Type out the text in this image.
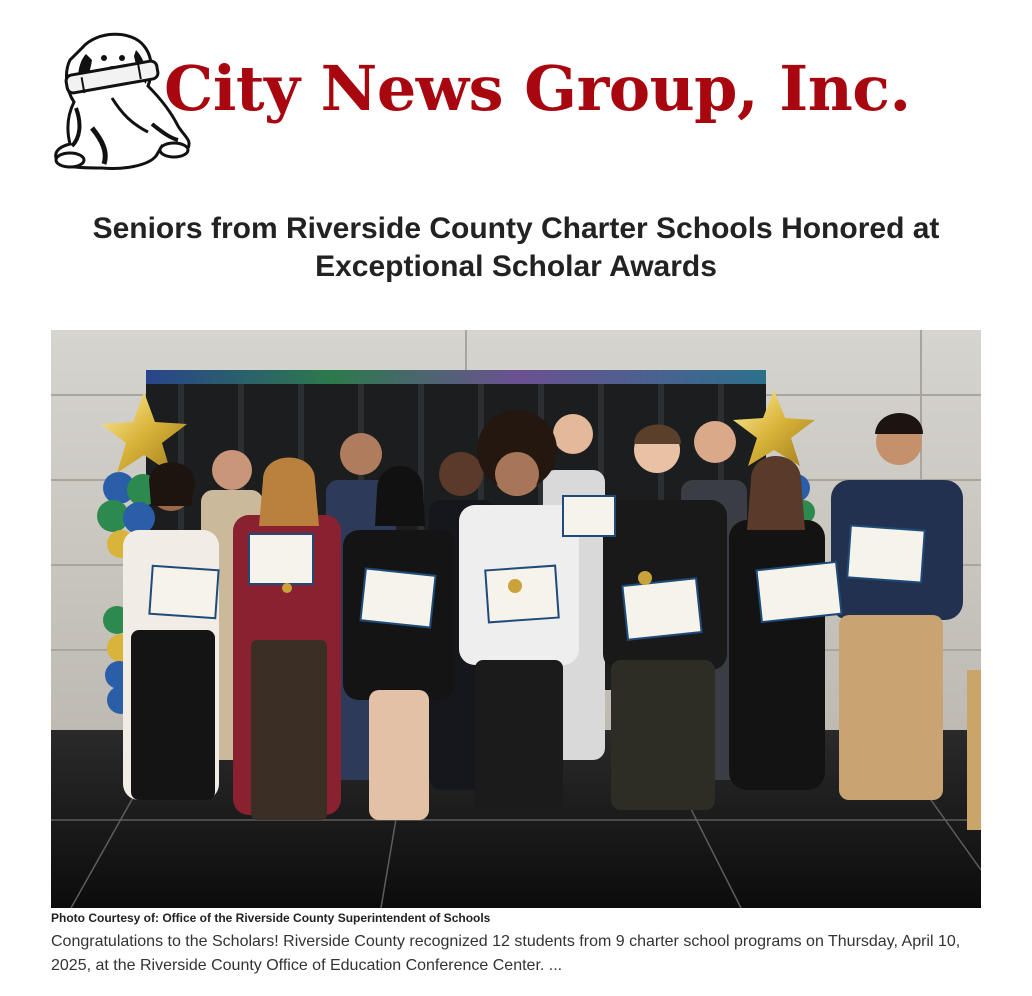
City News Group, Inc.
Seniors from Riverside County Charter Schools Honored at Exceptional Scholar Awards
Photo Courtesy of: Office of the Riverside County Superintendent of Schools

Congratulations to the Scholars! Riverside County recognized 12 students from 9 charter school programs on Thursday, April 10, 2025, at the Riverside County Office of Education Conference Center. ...
